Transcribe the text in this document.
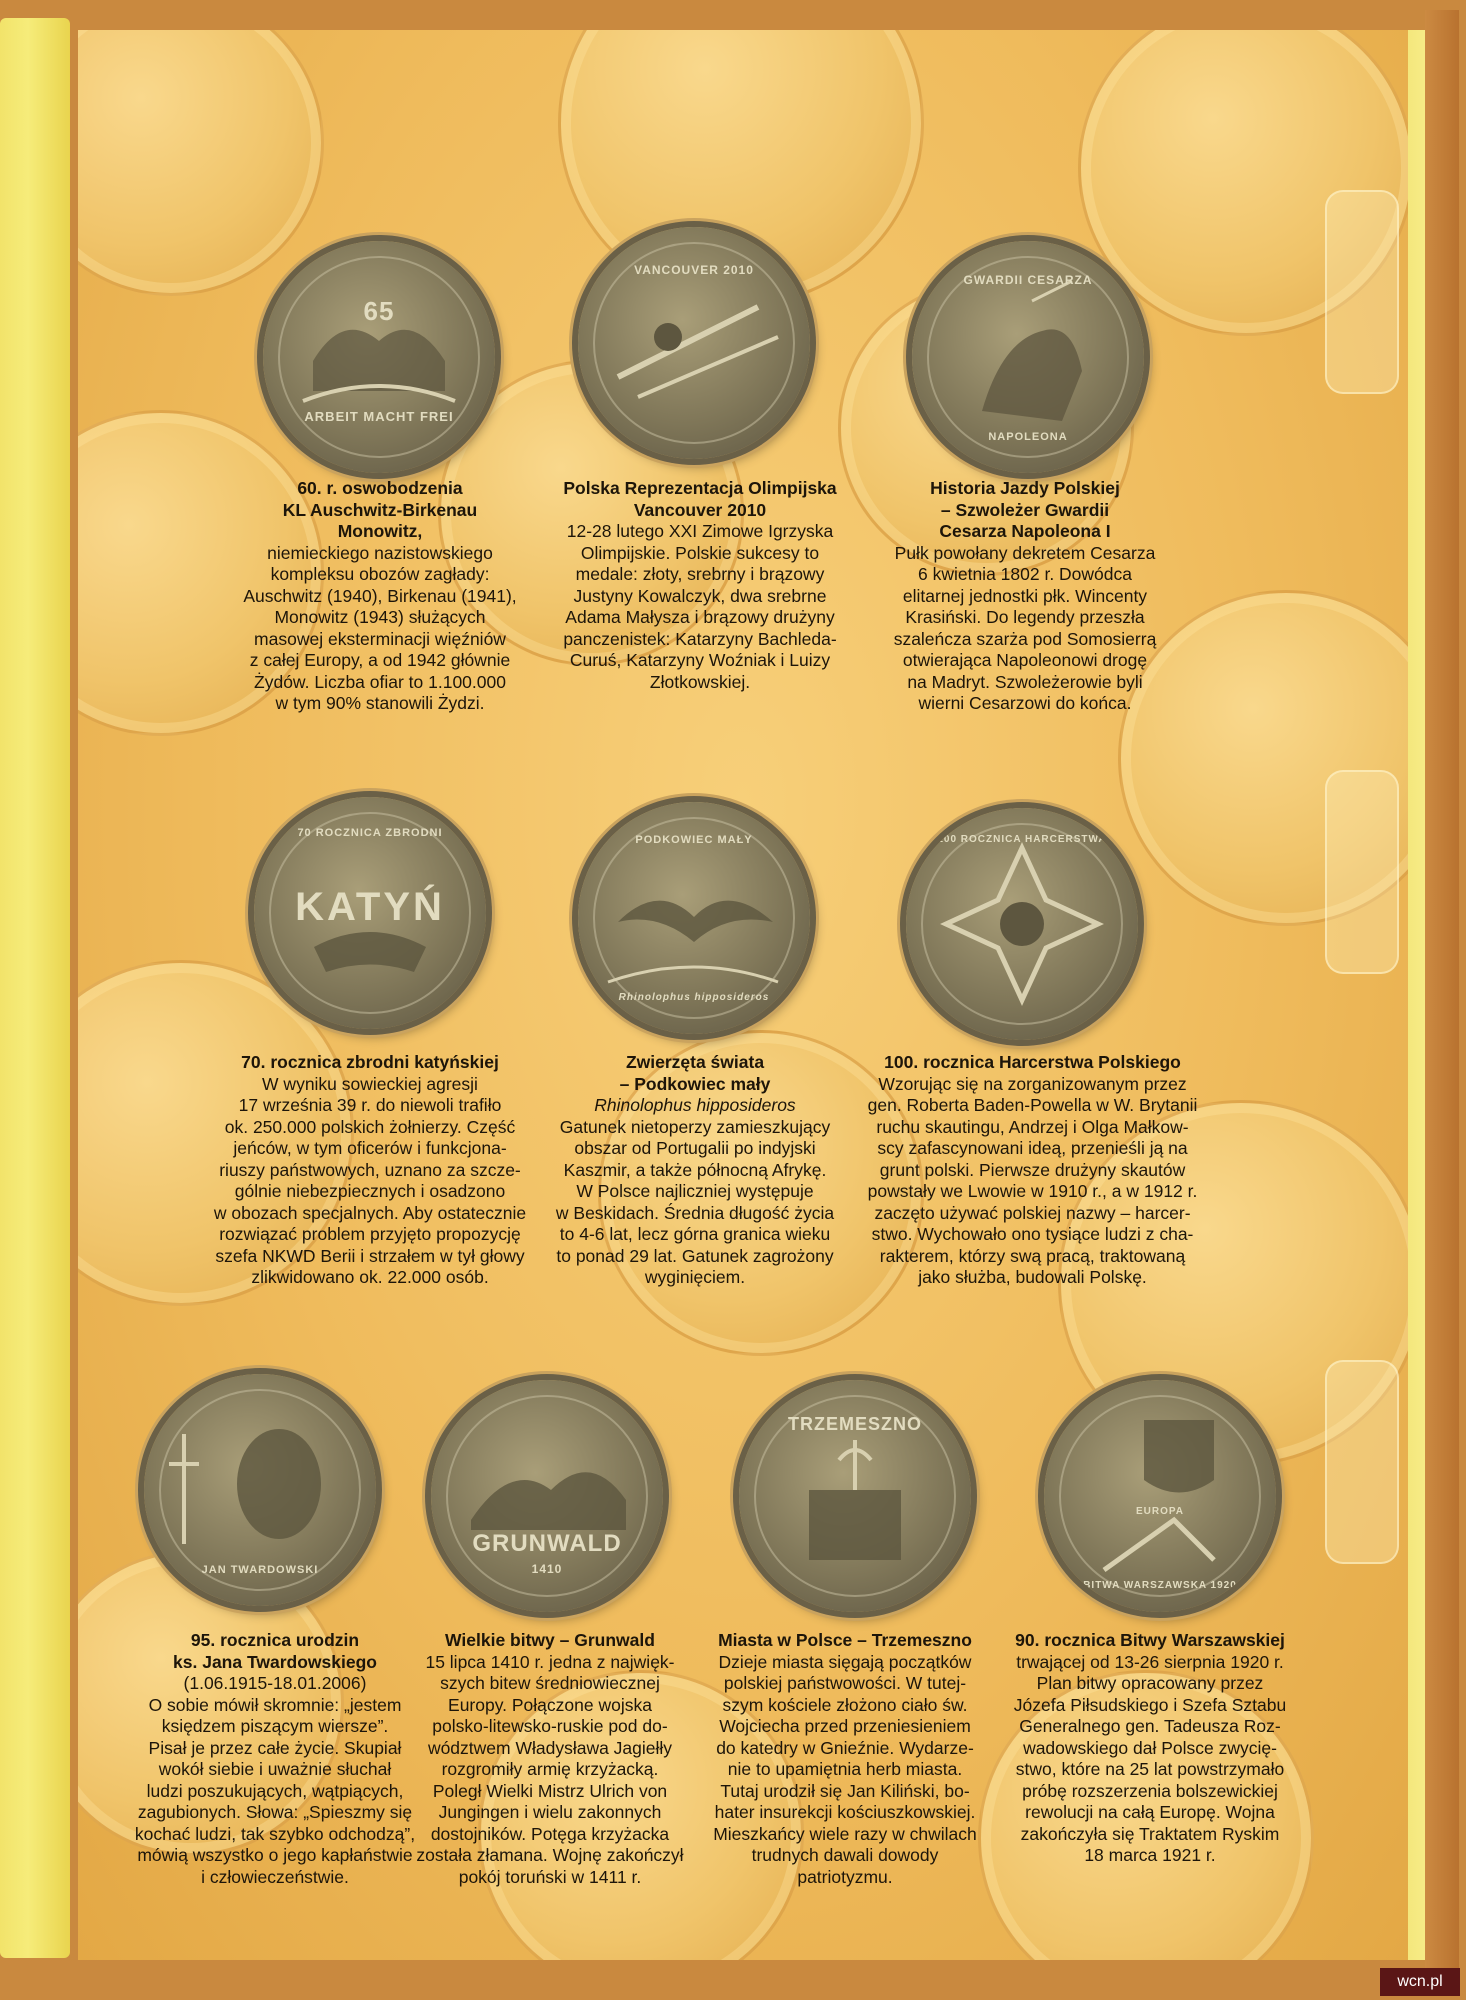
65
ARBEIT MACHT FREI
VANCOUVER 2010
GWARDII CESARZA
NAPOLEONA
60. r. oswobodzenia
KL Auschwitz-Birkenau
Monowitz,
niemieckiego nazistowskiego
kompleksu obozów zagłady:
Auschwitz (1940), Birkenau (1941),
Monowitz (1943) służących
masowej eksterminacji więźniów
z całej Europy, a od 1942 głównie
Żydów. Liczba ofiar to 1.100.000
w tym 90% stanowili Żydzi.
Polska Reprezentacja Olimpijska
Vancouver 2010
12-28 lutego XXI Zimowe Igrzyska
Olimpijskie. Polskie sukcesy to
medale: złoty, srebrny i brązowy
Justyny Kowalczyk, dwa srebrne
Adama Małysza i brązowy drużyny
panczenistek: Katarzyny Bachleda-
Curuś, Katarzyny Woźniak i Luizy
Złotkowskiej.
Historia Jazdy Polskiej
– Szwoleżer Gwardii
Cesarza Napoleona I
Pułk powołany dekretem Cesarza
6 kwietnia 1802 r. Dowódca
elitarnej jednostki płk. Wincenty
Krasiński. Do legendy przeszła
szaleńcza szarża pod Somosierrą
otwierająca Napoleonowi drogę
na Madryt. Szwoleżerowie byli
wierni Cesarzowi do końca.
KATYŃ
70 ROCZNICA ZBRODNI
PODKOWIEC MAŁY
Rhinolophus hipposideros
100 ROCZNICA HARCERSTWA
70. rocznica zbrodni katyńskiej
W wyniku sowieckiej agresji
17 września 39 r. do niewoli trafiło
ok. 250.000 polskich żołnierzy. Część
jeńców, w tym oficerów i funkcjona-
riuszy państwowych, uznano za szcze-
gólnie niebezpiecznych i osadzono
w obozach specjalnych. Aby ostatecznie
rozwiązać problem przyjęto propozycję
szefa NKWD Berii i strzałem w tył głowy
zlikwidowano ok. 22.000 osób.
Zwierzęta świata
– Podkowiec mały
Rhinolophus hipposideros
Gatunek nietoperzy zamieszkujący
obszar od Portugalii po indyjski
Kaszmir, a także północną Afrykę.
W Polsce najliczniej występuje
w Beskidach. Średnia długość życia
to 4-6 lat, lecz górna granica wieku
to ponad 29 lat. Gatunek zagrożony
wyginięciem.
100. rocznica Harcerstwa Polskiego
Wzorując się na zorganizowanym przez
gen. Roberta Baden-Powella w W. Brytanii
ruchu skautingu, Andrzej i Olga Małkow-
scy zafascynowani ideą, przenieśli ją na
grunt polski. Pierwsze drużyny skautów
powstały we Lwowie w 1910 r., a w 1912 r.
zaczęto używać polskiej nazwy – harcer-
stwo. Wychowało ono tysiące ludzi z cha-
rakterem, którzy swą pracą, traktowaną
jako służba, budowali Polskę.
JAN TWARDOWSKI
GRUNWALD
1410
TRZEMESZNO
BITWA WARSZAWSKA 1920
EUROPA
95. rocznica urodzin
ks. Jana Twardowskiego
(1.06.1915-18.01.2006)
O sobie mówił skromnie: „jestem
księdzem piszącym wiersze”.
Pisał je przez całe życie. Skupiał
wokół siebie i uważnie słuchał
ludzi poszukujących, wątpiących,
zagubionych. Słowa: „Spieszmy się
kochać ludzi, tak szybko odchodzą”,
mówią wszystko o jego kapłaństwie
i człowieczeństwie.
Wielkie bitwy – Grunwald
15 lipca 1410 r. jedna z najwięk-
szych bitew średniowiecznej
Europy. Połączone wojska
polsko-litewsko-ruskie pod do-
wództwem Władysława Jagiełły
rozgromiły armię krzyżacką.
Poległ Wielki Mistrz Ulrich von
Jungingen i wielu zakonnych
dostojników. Potęga krzyżacka
została złamana. Wojnę zakończył
pokój toruński w 1411 r.
Miasta w Polsce – Trzemeszno
Dzieje miasta sięgają początków
polskiej państwowości. W tutej-
szym kościele złożono ciało św.
Wojciecha przed przeniesieniem
do katedry w Gnieźnie. Wydarze-
nie to upamiętnia herb miasta.
Tutaj urodził się Jan Kiliński, bo-
hater insurekcji kościuszkowskiej.
Mieszkańcy wiele razy w chwilach
trudnych dawali dowody
patriotyzmu.
90. rocznica Bitwy Warszawskiej
trwającej od 13-26 sierpnia 1920 r.
Plan bitwy opracowany przez
Józefa Piłsudskiego i Szefa Sztabu
Generalnego gen. Tadeusza Roz-
wadowskiego dał Polsce zwycię-
stwo, które na 25 lat powstrzymało
próbę rozszerzenia bolszewickiej
rewolucji na całą Europę. Wojna
zakończyła się Traktatem Ryskim
18 marca 1921 r.
wcn.pl
